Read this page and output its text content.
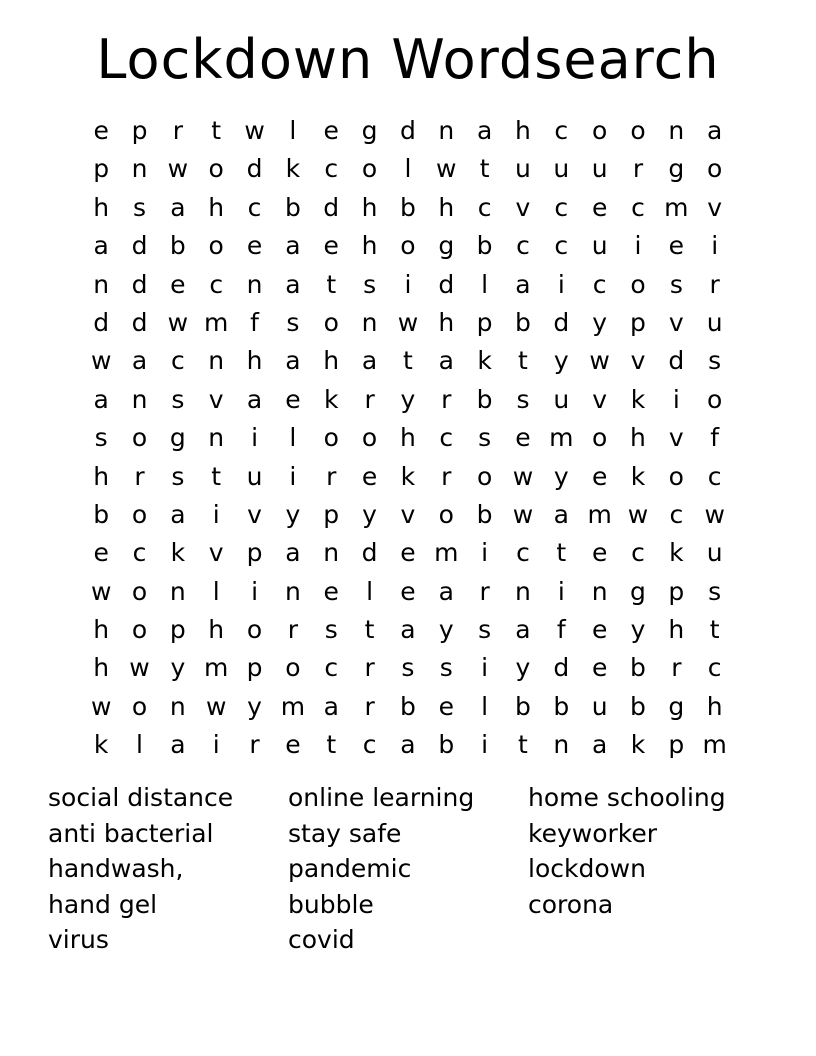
Lockdown Wordsearch
e p	r	t w l	e g d n a h c o o n a
p n w o d k c o	l w t	u u u	r	g o
h s a h c b d h b h c v c e c m v
a d b o e a e h o g b c c u	i	e	i
n d e c n a	t	s	i	d	l	a	i	c o s	r
d d w m f	s o n w h p b d y p v u
w a c n h a h a	t	a k	t	y w v d s
a n s v a e k	r	y	r	b s u v k	i	o
s o g n	i	l	o o h c s e m o h v	f
h	r	s	t	u	i	r	e k	r	o w y e k o c
b o a	i	v y p y v o b w a m w c w
e c k v p a n d e m i	c	t	e c k u
w o n	l	i	n e	l	e a	r	n	i	n g p s
h o p h o	r	s	t	a y s a	f	e y h	t
h w y m p o c	r	s	s	i	y d e b	r	c
w o n w y m a	r	b e	l	b b u b g h
k	l	a	i	r	e	t	c a b	i	t	n a k p m
social distance
anti bacterial
handwash,
hand gel
virus
online learning
stay safe
pandemic
bubble
covid
home schooling
keyworker
lockdown
corona
